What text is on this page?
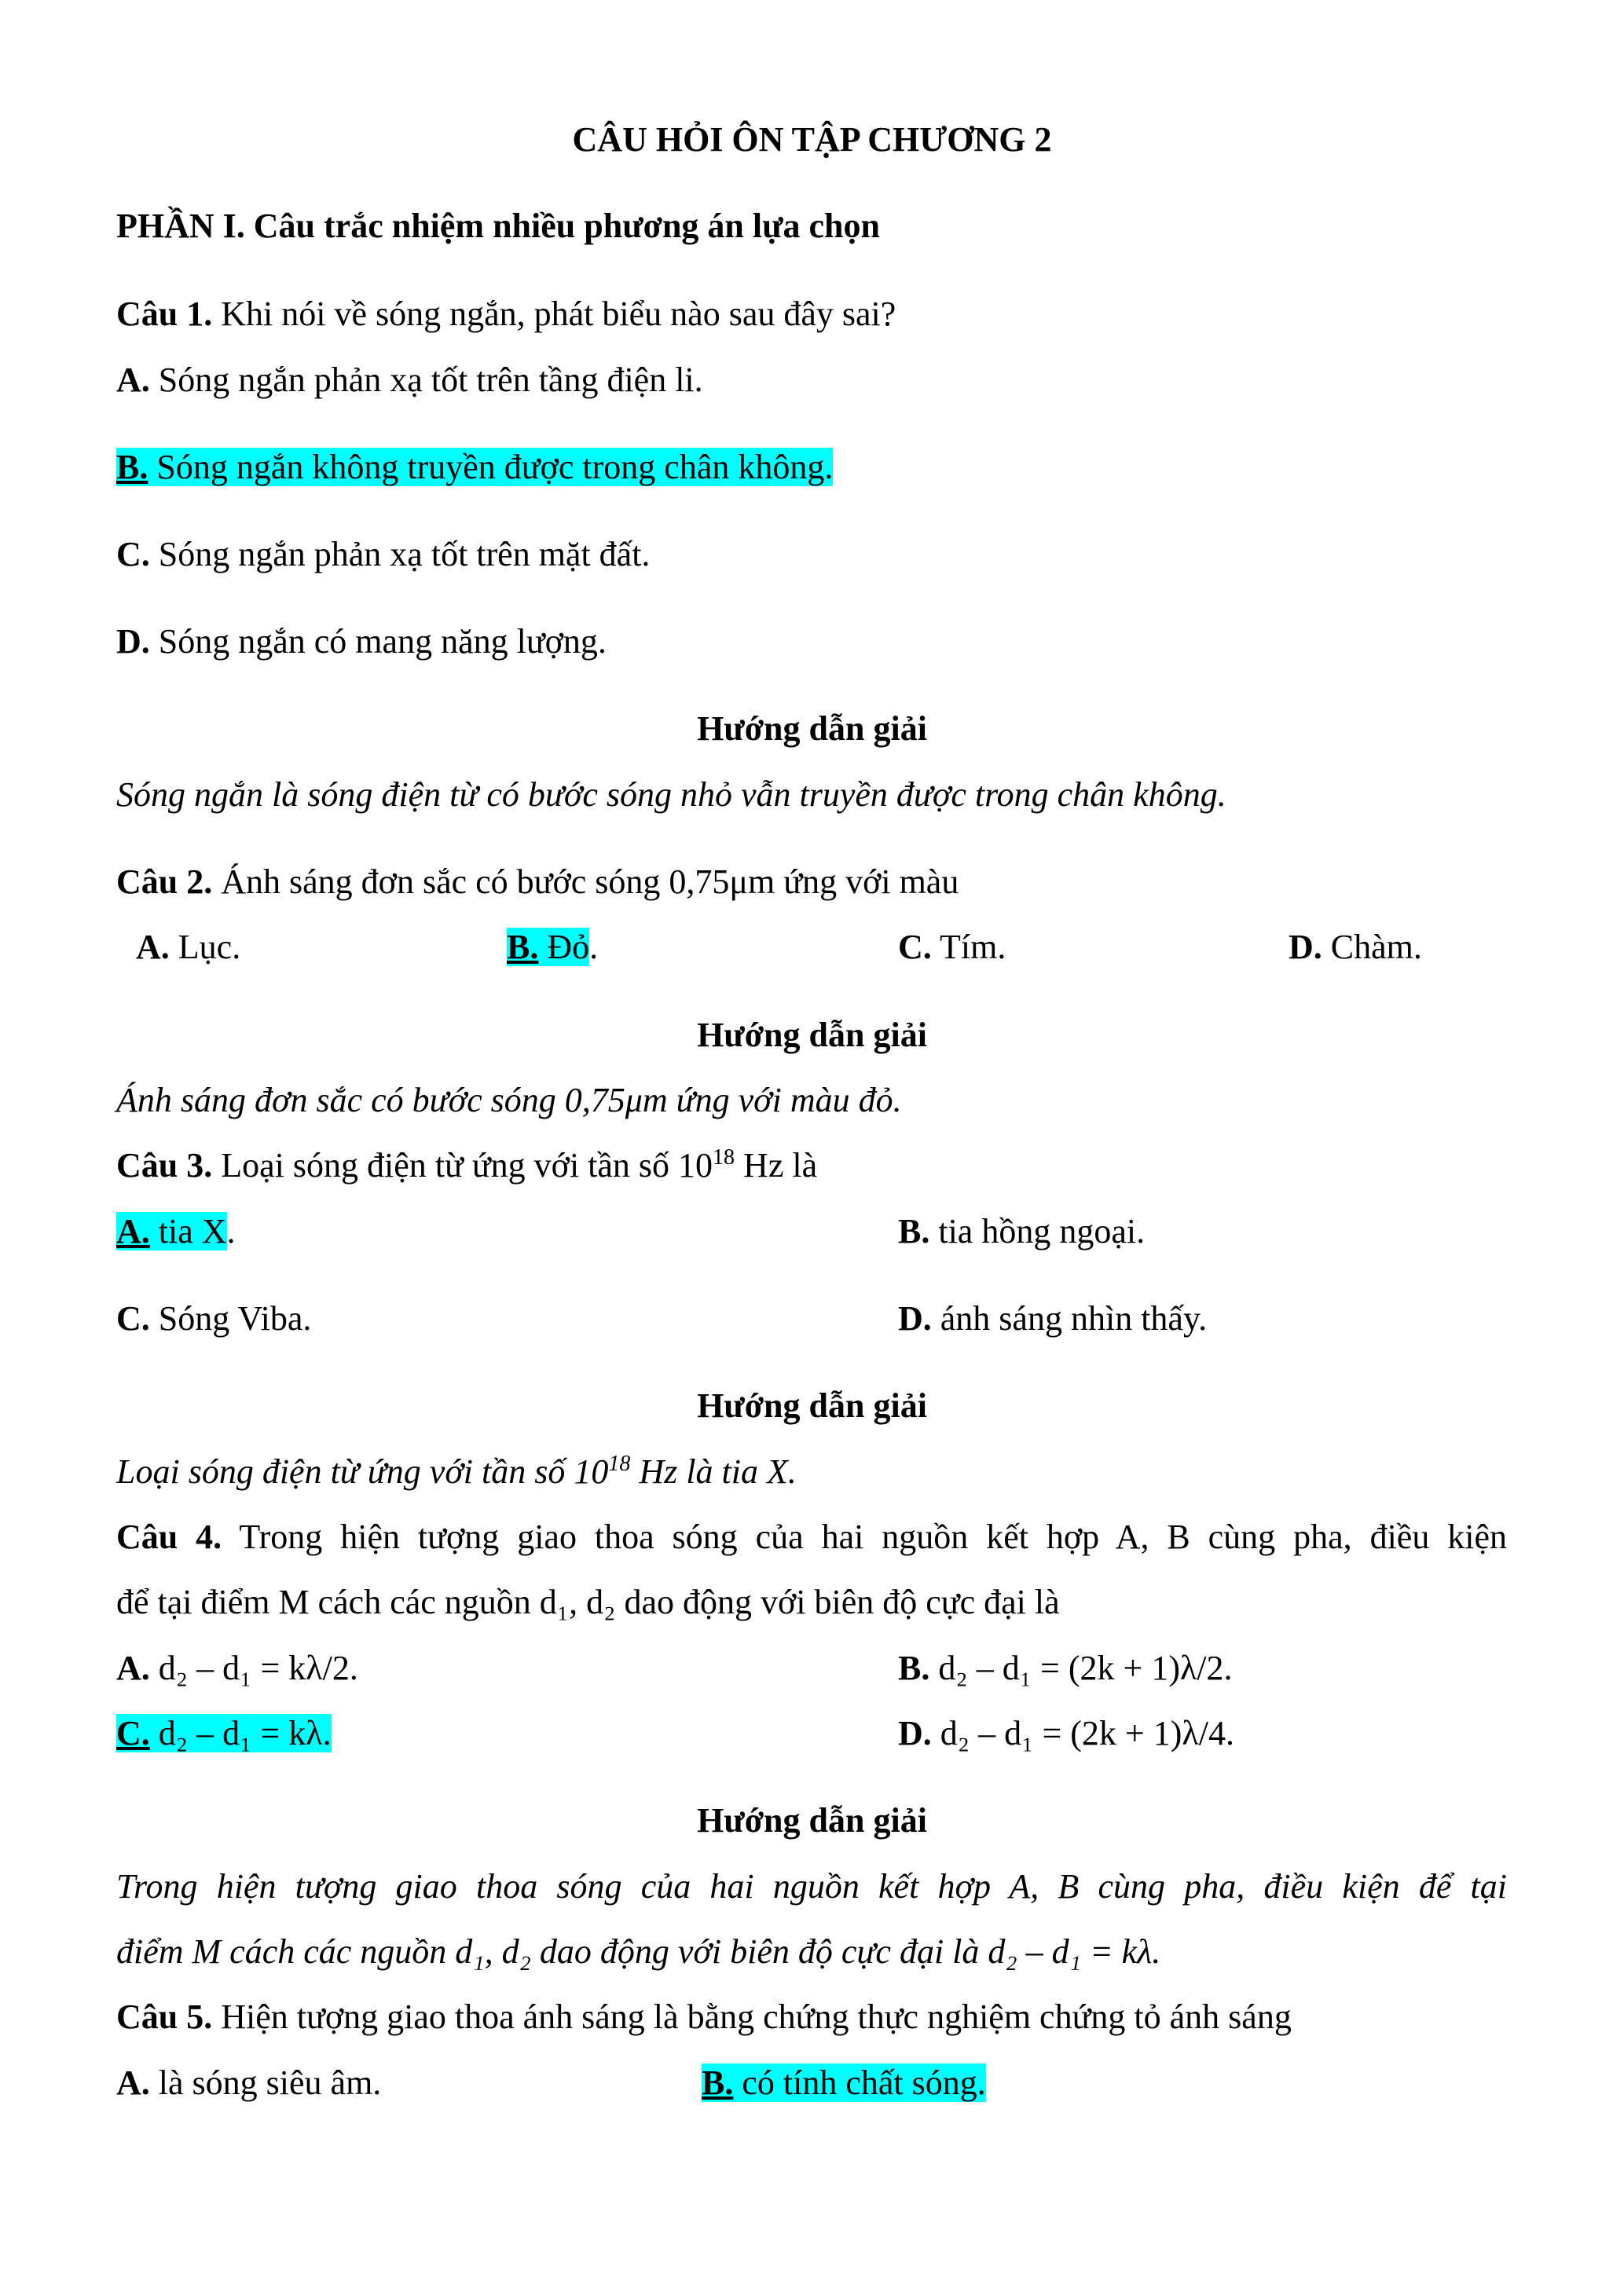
CÂU HỎI ÔN TẬP CHƯƠNG 2
PHẦN I. Câu trắc nhiệm nhiều phương án lựa chọn
Câu 1. Khi nói về sóng ngắn, phát biểu nào sau đây sai?
A. Sóng ngắn phản xạ tốt trên tầng điện li.
B. Sóng ngắn không truyền được trong chân không.
C. Sóng ngắn phản xạ tốt trên mặt đất.
D. Sóng ngắn có mang năng lượng.
Hướng dẫn giải
Sóng ngắn là sóng điện từ có bước sóng nhỏ vẫn truyền được trong chân không.
Câu 2. Ánh sáng đơn sắc có bước sóng 0,75μm ứng với màu
A. Lục.	B. Đỏ.	C. Tím.	D. Chàm.
Hướng dẫn giải
Ánh sáng đơn sắc có bước sóng 0,75μm ứng với màu đỏ.
Câu 3. Loại sóng điện từ ứng với tần số $10^{18}$ Hz là
A. tia X.	B. tia hồng ngoại.
C. Sóng Viba.	D. ánh sáng nhìn thấy.
Hướng dẫn giải
Loại sóng điện từ ứng với tần số $10^{18}$ Hz là tia X.
Câu 4. Trong hiện tượng giao thoa sóng của hai nguồn kết hợp A, B cùng pha, điều kiện
để tại điểm M cách các nguồn d₁, d₂ dao động với biên độ cực đại là
A. d₂ – d₁ = kλ/2.	B. d₂ – d₁ = (2k + 1)λ/2.
C. d₂ – d₁ = kλ.	D. d₂ – d₁ = (2k + 1)λ/4.
Hướng dẫn giải
Trong hiện tượng giao thoa sóng của hai nguồn kết hợp A, B cùng pha, điều kiện để tại
điểm M cách các nguồn d₁, d₂ dao động với biên độ cực đại là d₂ – d₁ = kλ.
Câu 5. Hiện tượng giao thoa ánh sáng là bằng chứng thực nghiệm chứng tỏ ánh sáng
A. là sóng siêu âm.	B. có tính chất sóng.
